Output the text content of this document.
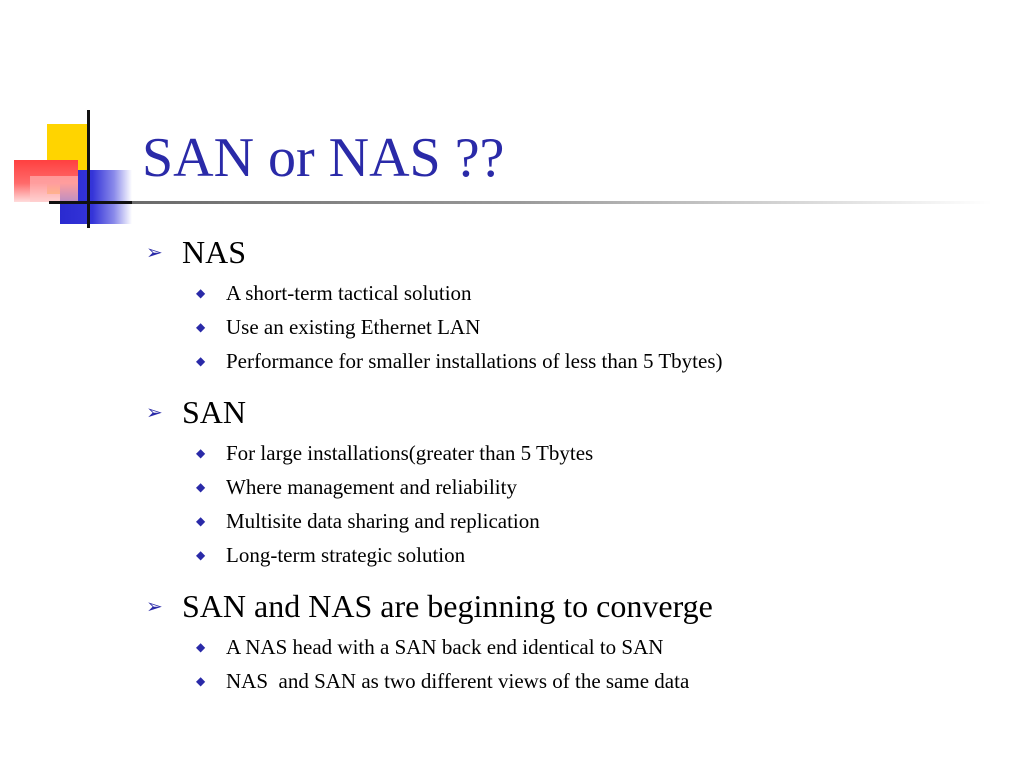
SAN or NAS ??
➢ NAS
◆ A short-term tactical solution
◆ Use an existing Ethernet LAN
◆ Performance for smaller installations of less than 5 Tbytes)
➢ SAN
◆ For large installations(greater than 5 Tbytes
◆ Where management and reliability
◆ Multisite data sharing and replication
◆ Long-term strategic solution
➢ SAN and NAS are beginning to converge
◆ A NAS head with a SAN back end identical to SAN
◆ NAS  and SAN as two different views of the same data
